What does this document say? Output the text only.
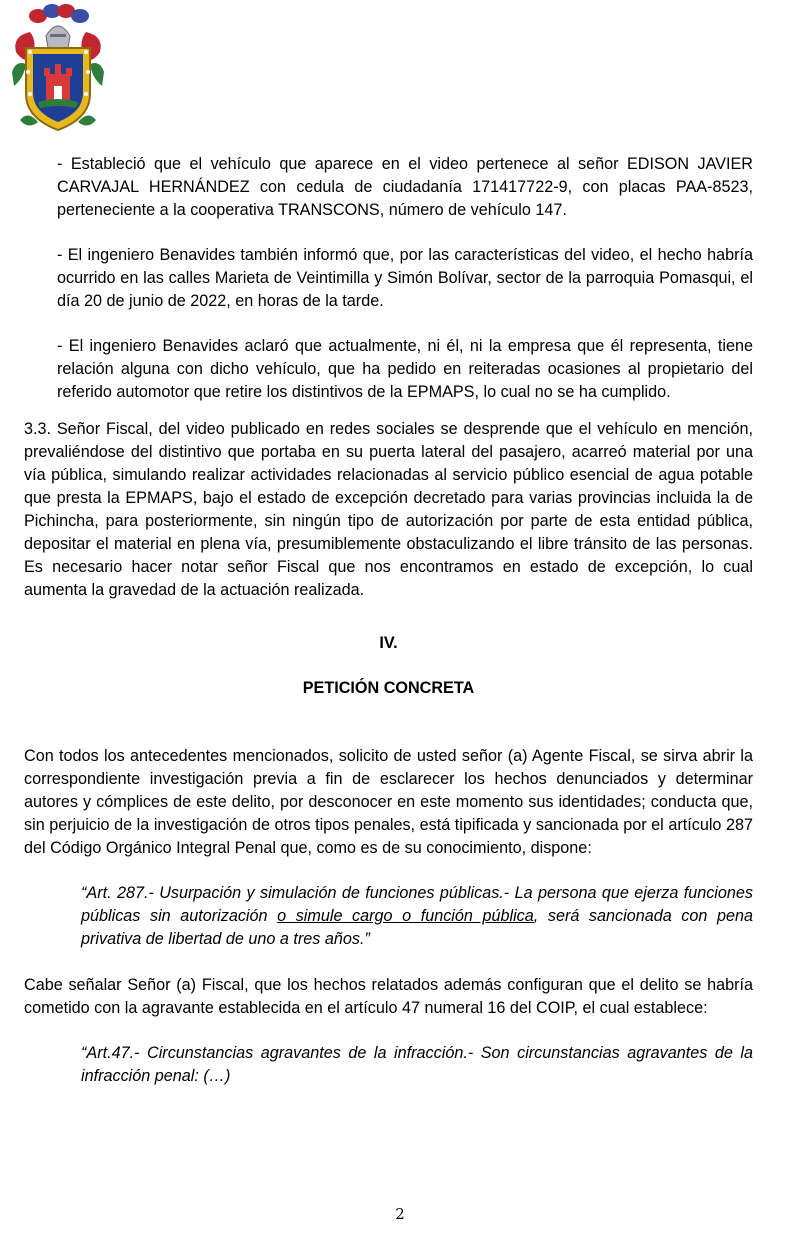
- Estableció que el vehículo que aparece en el video pertenece al señor EDISON JAVIER CARVAJAL HERNÁNDEZ con cedula de ciudadanía 171417722-9, con placas PAA-8523, perteneciente a la cooperativa TRANSCONS, número de vehículo 147.

- El ingeniero Benavides también informó que, por las características del video, el hecho habría ocurrido en las calles Marieta de Veintimilla y Simón Bolívar, sector de la parroquia Pomasqui, el día 20 de junio de 2022, en horas de la tarde.

- El ingeniero Benavides aclaró que actualmente, ni él, ni la empresa que él representa, tiene relación alguna con dicho vehículo, que ha pedido en reiteradas ocasiones al propietario del referido automotor que retire los distintivos de la EPMAPS, lo cual no se ha cumplido.

3.3. Señor Fiscal, del video publicado en redes sociales se desprende que el vehículo en mención, prevaliéndose del distintivo que portaba en su puerta lateral del pasajero, acarreó material por una vía pública, simulando realizar actividades relacionadas al servicio público esencial de agua potable que presta la EPMAPS, bajo el estado de excepción decretado para varias provincias incluida la de Pichincha, para posteriormente, sin ningún tipo de autorización por parte de esta entidad pública, depositar el material en plena vía, presumiblemente obstaculizando el libre tránsito de las personas. Es necesario hacer notar señor Fiscal que nos encontramos en estado de excepción, lo cual aumenta la gravedad de la actuación realizada.

IV.

PETICIÓN CONCRETA

Con todos los antecedentes mencionados, solicito de usted señor (a) Agente Fiscal, se sirva abrir la correspondiente investigación previa a fin de esclarecer los hechos denunciados y determinar autores y cómplices de este delito, por desconocer en este momento sus identidades; conducta que, sin perjuicio de la investigación de otros tipos penales, está tipificada y sancionada por el artículo 287 del Código Orgánico Integral Penal que, como es de su conocimiento, dispone:

“Art. 287.- Usurpación y simulación de funciones públicas.- La persona que ejerza funciones públicas sin autorización o simule cargo o función pública, será sancionada con pena privativa de libertad de uno a tres años.”

Cabe señalar Señor (a) Fiscal, que los hechos relatados además configuran que el delito se habría cometido con la agravante establecida en el artículo 47 numeral 16 del COIP, el cual establece:

“Art.47.- Circunstancias agravantes de la infracción.- Son circunstancias agravantes de la infracción penal: (…)

2
